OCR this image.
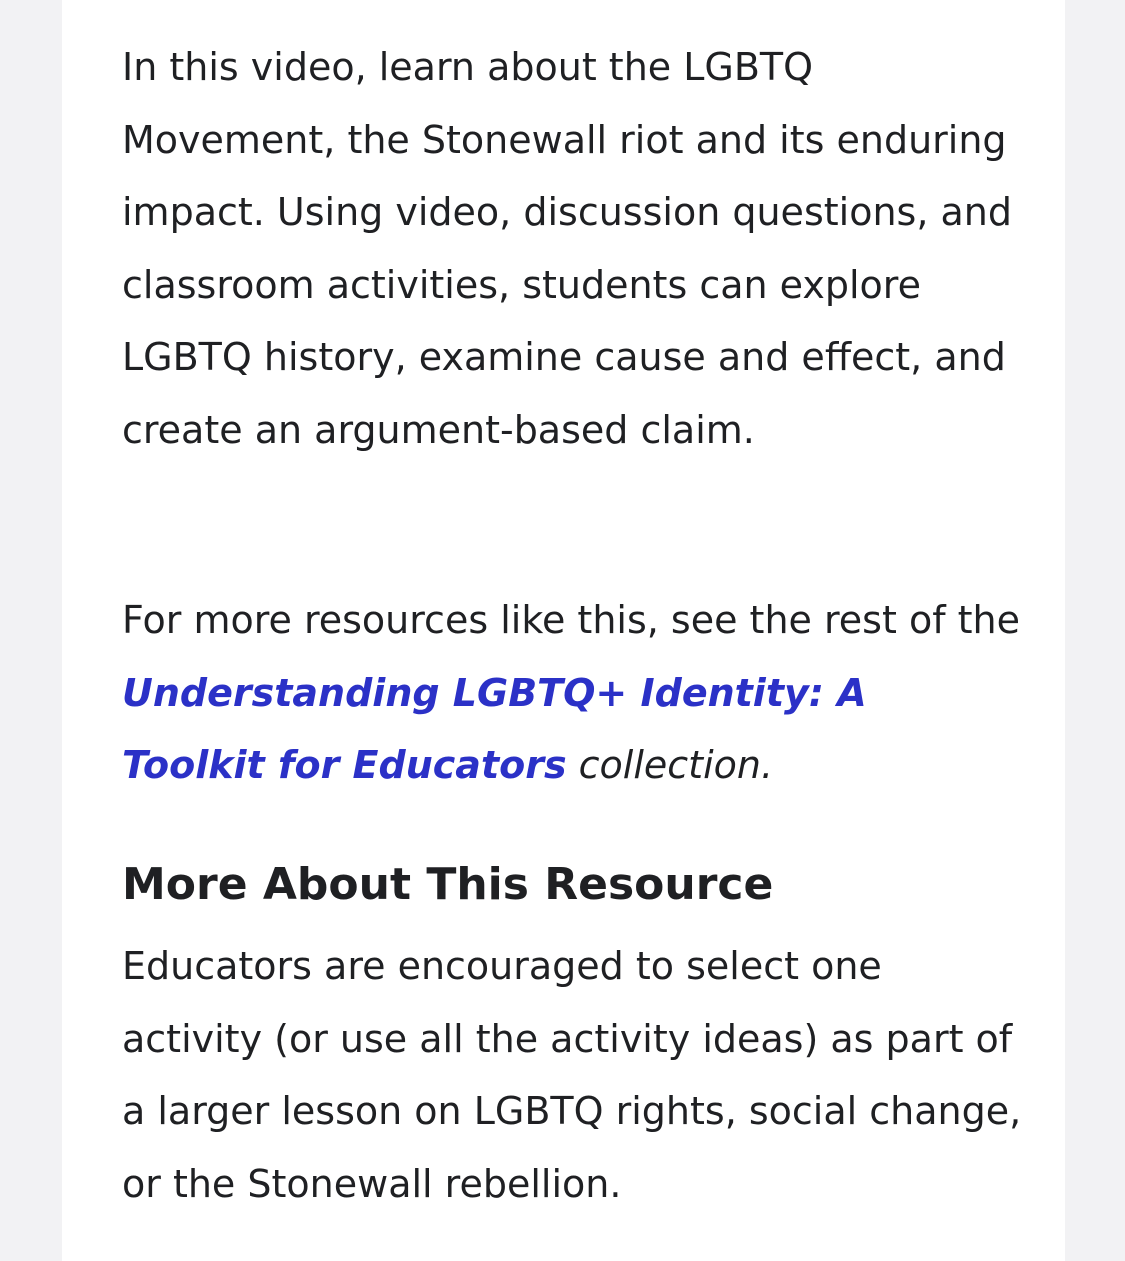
In this video, learn about the LGBTQ Movement, the Stonewall riot and its enduring impact. Using video, discussion questions, and classroom activities, students can explore LGBTQ history, examine cause and effect, and create an argument-based claim.

For more resources like this, see the rest of the Understanding LGBTQ+ Identity: A Toolkit for Educators collection.

More About This Resource

Educators are encouraged to select one activity (or use all the activity ideas) as part of a larger lesson on LGBTQ rights, social change, or the Stonewall rebellion.
